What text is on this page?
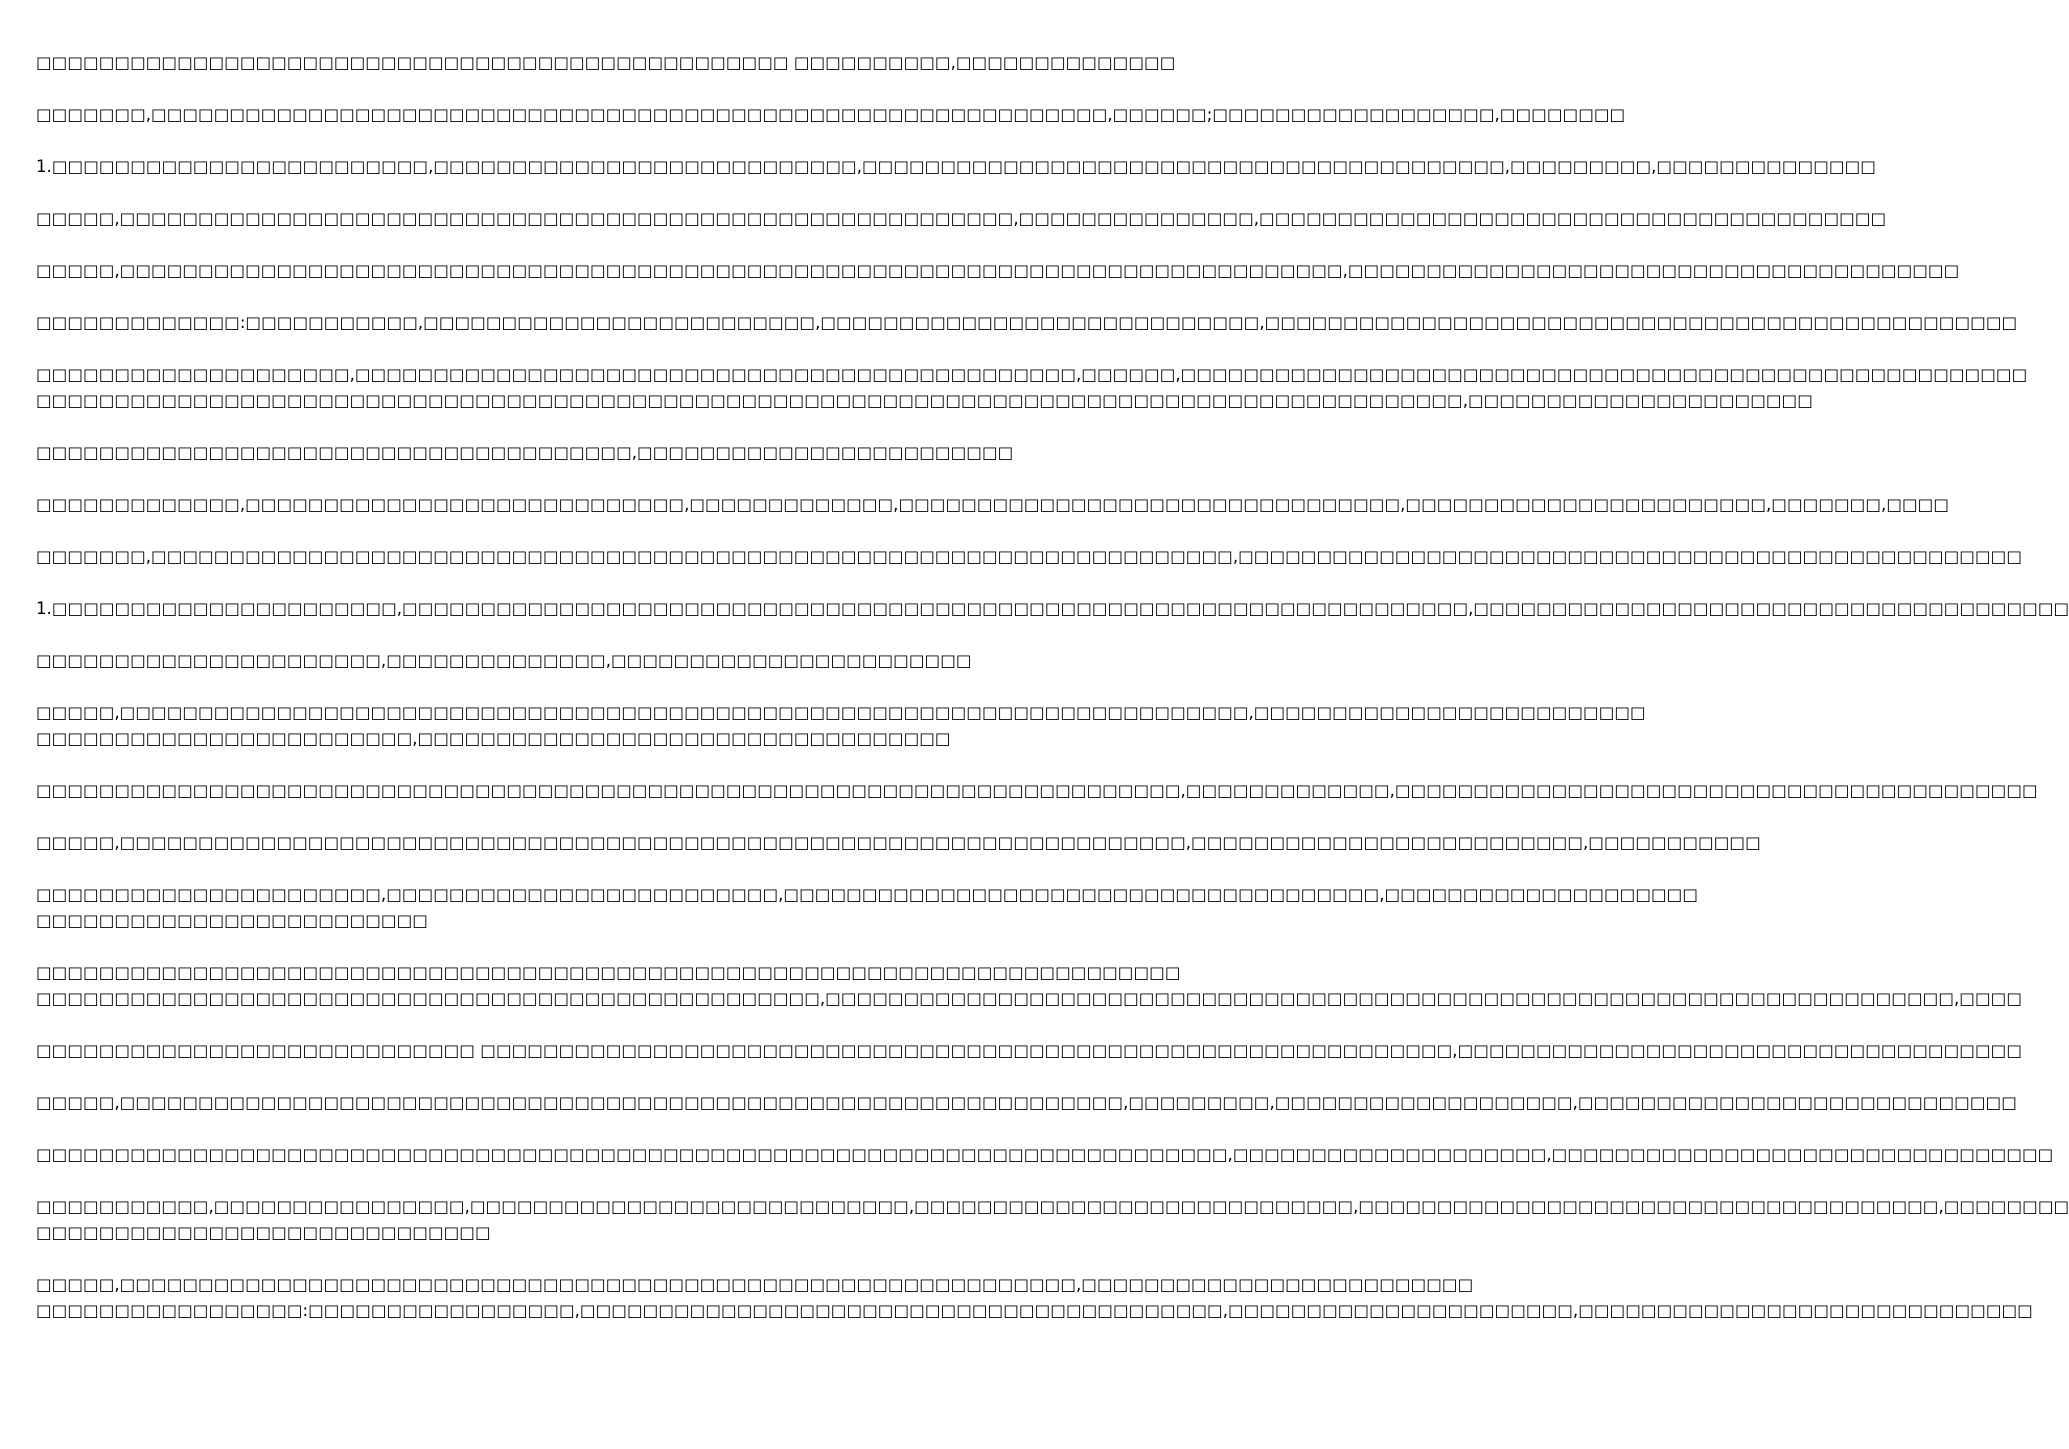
□□□□□□□□□□□□□□□□□□□□□□□□□□□□□□□□□□□□□□□□□□□□□□□□ □□□□□□□□□□,□□□□□□□□□□□□□□

□□□□□□□,□□□□□□□□□□□□□□□□□□□□□□□□□□□□□□□□□□□□□□□□□□□□□□□□□□□□□□□□□□□□□,□□□□□□;□□□□□□□□□□□□□□□□□□,□□□□□□□□

1.□□□□□□□□□□□□□□□□□□□□□□□□,□□□□□□□□□□□□□□□□□□□□□□□□□□□,□□□□□□□□□□□□□□□□□□□□□□□□□□□□□□□□□□□□□□□□□,□□□□□□□□□,□□□□□□□□□□□□□□

□□□□□,□□□□□□□□□□□□□□□□□□□□□□□□□□□□□□□□□□□□□□□□□□□□□□□□□□□□□□□□□,□□□□□□□□□□□□□□□,□□□□□□□□□□□□□□□□□□□□□□□□□□□□□□□□□□□□□□□□

□□□□□,□□□□□□□□□□□□□□□□□□□□□□□□□□□□□□□□□□□□□□□□□□□□□□□□□□□□□□□□□□□□□□□□□□□□□□□□□□□□□□,□□□□□□□□□□□□□□□□□□□□□□□□□□□□□□□□□□□□□□□

□□□□□□□□□□□□□:□□□□□□□□□□□,□□□□□□□□□□□□□□□□□□□□□□□□□,□□□□□□□□□□□□□□□□□□□□□□□□□□□□,□□□□□□□□□□□□□□□□□□□□□□□□□□□□□□□□□□□□□□□□□□□□□□□□

□□□□□□□□□□□□□□□□□□□□,□□□□□□□□□□□□□□□□□□□□□□□□□□□□□□□□□□□□□□□□□□□□□□,□□□□□□,□□□□□□□□□□□□□□□□□□□□□□□□□□□□□□□□□□□□□□□□□□□□□□□□□□□□□□
□□□□□□□□□□□□□□□□□□□□□□□□□□□□□□□□□□□□□□□□□□□□□□□□□□□□□□□□□□□□□□□□□□□□□□□□□□□□□□□□□□□□□□□□□□□,□□□□□□□□□□□□□□□□□□□□□□

□□□□□□□□□□□□□□□□□□□□□□□□□□□□□□□□□□□□□□,□□□□□□□□□□□□□□□□□□□□□□□□

□□□□□□□□□□□□□,□□□□□□□□□□□□□□□□□□□□□□□□□□□□,□□□□□□□□□□□□□,□□□□□□□□□□□□□□□□□□□□□□□□□□□□□□□□,□□□□□□□□□□□□□□□□□□□□□□□,□□□□□□□,□□□□

□□□□□□□,□□□□□□□□□□□□□□□□□□□□□□□□□□□□□□□□□□□□□□□□□□□□□□□□□□□□□□□□□□□□□□□□□□□□□,□□□□□□□□□□□□□□□□□□□□□□□□□□□□□□□□□□□□□□□□□□□□□□□□□□

1.□□□□□□□□□□□□□□□□□□□□□□,□□□□□□□□□□□□□□□□□□□□□□□□□□□□□□□□□□□□□□□□□□□□□□□□□□□□□□□□□□□□□□□□□□□□,□□□□□□□□□□□□□□□□□□□□□□□□□□□□□□□□□□□□□□

□□□□□□□□□□□□□□□□□□□□□□,□□□□□□□□□□□□□□,□□□□□□□□□□□□□□□□□□□□□□□

□□□□□,□□□□□□□□□□□□□□□□□□□□□□□□□□□□□□□□□□□□□□□□□□□□□□□□□□□□□□□□□□□□□□□□□□□□□□□□,□□□□□□□□□□□□□□□□□□□□□□□□□
□□□□□□□□□□□□□□□□□□□□□□□□,□□□□□□□□□□□□□□□□□□□□□□□□□□□□□□□□□□

□□□□□□□□□□□□□□□□□□□□□□□□□□□□□□□□□□□□□□□□□□□□□□□□□□□□□□□□□□□□□□□□□□□□□□□□□,□□□□□□□□□□□□□,□□□□□□□□□□□□□□□□□□□□□□□□□□□□□□□□□□□□□□□□□

□□□□□,□□□□□□□□□□□□□□□□□□□□□□□□□□□□□□□□□□□□□□□□□□□□□□□□□□□□□□□□□□□□□□□□□□□□,□□□□□□□□□□□□□□□□□□□□□□□□□,□□□□□□□□□□□

□□□□□□□□□□□□□□□□□□□□□□,□□□□□□□□□□□□□□□□□□□□□□□□□,□□□□□□□□□□□□□□□□□□□□□□□□□□□□□□□□□□□□□□,□□□□□□□□□□□□□□□□□□□□
□□□□□□□□□□□□□□□□□□□□□□□□□

□□□□□□□□□□□□□□□□□□□□□□□□□□□□□□□□□□□□□□□□□□□□□□□□□□□□□□□□□□□□□□□□□□□□□□□□□
□□□□□□□□□□□□□□□□□□□□□□□□□□□□□□□□□□□□□□□□□□□□□□□□□□,□□□□□□□□□□□□□□□□□□□□□□□□□□□□□□□□□□□□□□□□□□□□□□□□□□□□□□□□□□□□□□□□□□□□□□□□,□□□□

□□□□□□□□□□□□□□□□□□□□□□□□□□□□ □□□□□□□□□□□□□□□□□□□□□□□□□□□□□□□□□□□□□□□□□□□□□□□□□□□□□□□□□□□□□□,□□□□□□□□□□□□□□□□□□□□□□□□□□□□□□□□□□□□

□□□□□,□□□□□□□□□□□□□□□□□□□□□□□□□□□□□□□□□□□□□□□□□□□□□□□□□□□□□□□□□□□□□□□□,□□□□□□□□□,□□□□□□□□□□□□□□□□□□□,□□□□□□□□□□□□□□□□□□□□□□□□□□□□

□□□□□□□□□□□□□□□□□□□□□□□□□□□□□□□□□□□□□□□□□□□□□□□□□□□□□□□□□□□□□□□□□□□□□□□□□□□□,□□□□□□□□□□□□□□□□□□□□,□□□□□□□□□□□□□□□□□□□□□□□□□□□□□□□□

□□□□□□□□□□□,□□□□□□□□□□□□□□□□,□□□□□□□□□□□□□□□□□□□□□□□□□□□□,□□□□□□□□□□□□□□□□□□□□□□□□□□□□,□□□□□□□□□□□□□□□□□□□□□□□□□□□□□□□□□□□□□,□□□□□□□□
□□□□□□□□□□□□□□□□□□□□□□□□□□□□□

□□□□□,□□□□□□□□□□□□□□□□□□□□□□□□□□□□□□□□□□□□□□□□□□□□□□□□□□□□□□□□□□□□□,□□□□□□□□□□□□□□□□□□□□□□□□□
□□□□□□□□□□□□□□□□□:□□□□□□□□□□□□□□□□□,□□□□□□□□□□□□□□□□□□□□□□□□□□□□□□□□□□□□□□□□□,□□□□□□□□□□□□□□□□□□□□□□,□□□□□□□□□□□□□□□□□□□□□□□□□□□□□
